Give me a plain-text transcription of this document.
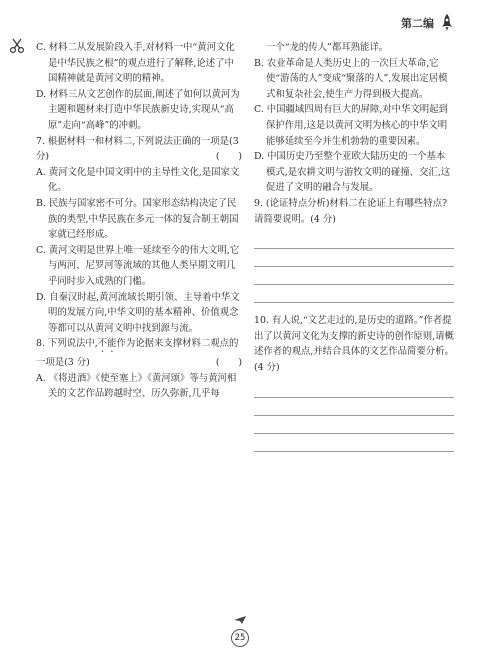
第二编

C. 材料二从发展阶段入手,对材料一中“黄河文化是中华民族之根”的观点进行了解释,论述了中国精神就是黄河文明的精神。

D. 材料三从文艺创作的层面,阐述了如何以黄河为主题和题材来打造中华民族新史诗,实现从“高原”走向“高峰”的冲刺。

7. 根据材料一和材料二,下列说法正确的一项是(3 分)	(　　)

A. 黄河文化是中国文明中的主导性文化,是国家文化。

B. 民族与国家密不可分。国家形态结构决定了民族的类型,中华民族在多元一体的复合制王朝国家就已经形成。

C. 黄河文明是世界上唯一延续至今的伟大文明,它与两河、尼罗河等流域的其他人类早期文明几乎同时步入成熟的门槛。

D. 自秦汉时起,黄河流域长期引领、主导着中华文明的发展方向,中华文明的基本精神、价值观念等都可以从黄河文明中找到源与流。

8. 下列说法中,不能作为论据来支撑材料二观点的一项是(3 分)	(　　)

A. 《将进酒》《使至塞上》《黄河颂》等与黄河相关的文艺作品跨越时空、历久弥新,几乎每

一个“龙的传人”都耳熟能详。

B. 农业革命是人类历史上的一次巨大革命,它使“游荡的人”变成“聚落的人”,发展出定居模式和复杂社会,使生产力得到极大提高。

C. 中国疆域四周有巨大的屏障,对中华文明起到保护作用,这是以黄河文明为核心的中华文明能够延续至今并生机勃勃的重要因素。

D. 中国历史乃至整个亚欧大陆历史的一个基本模式,是农耕文明与游牧文明的碰撞、交汇,这促进了文明的融合与发展。

9. (论证特点分析)材料二在论证上有哪些特点?请简要说明。(4 分)

10. 有人说,“文艺走过的,是历史的道路。”作者提出了以黄河文化为支撑的新史诗的创作原则,请概述作者的观点,并结合具体的文艺作品简要分析。(4 分)

25
